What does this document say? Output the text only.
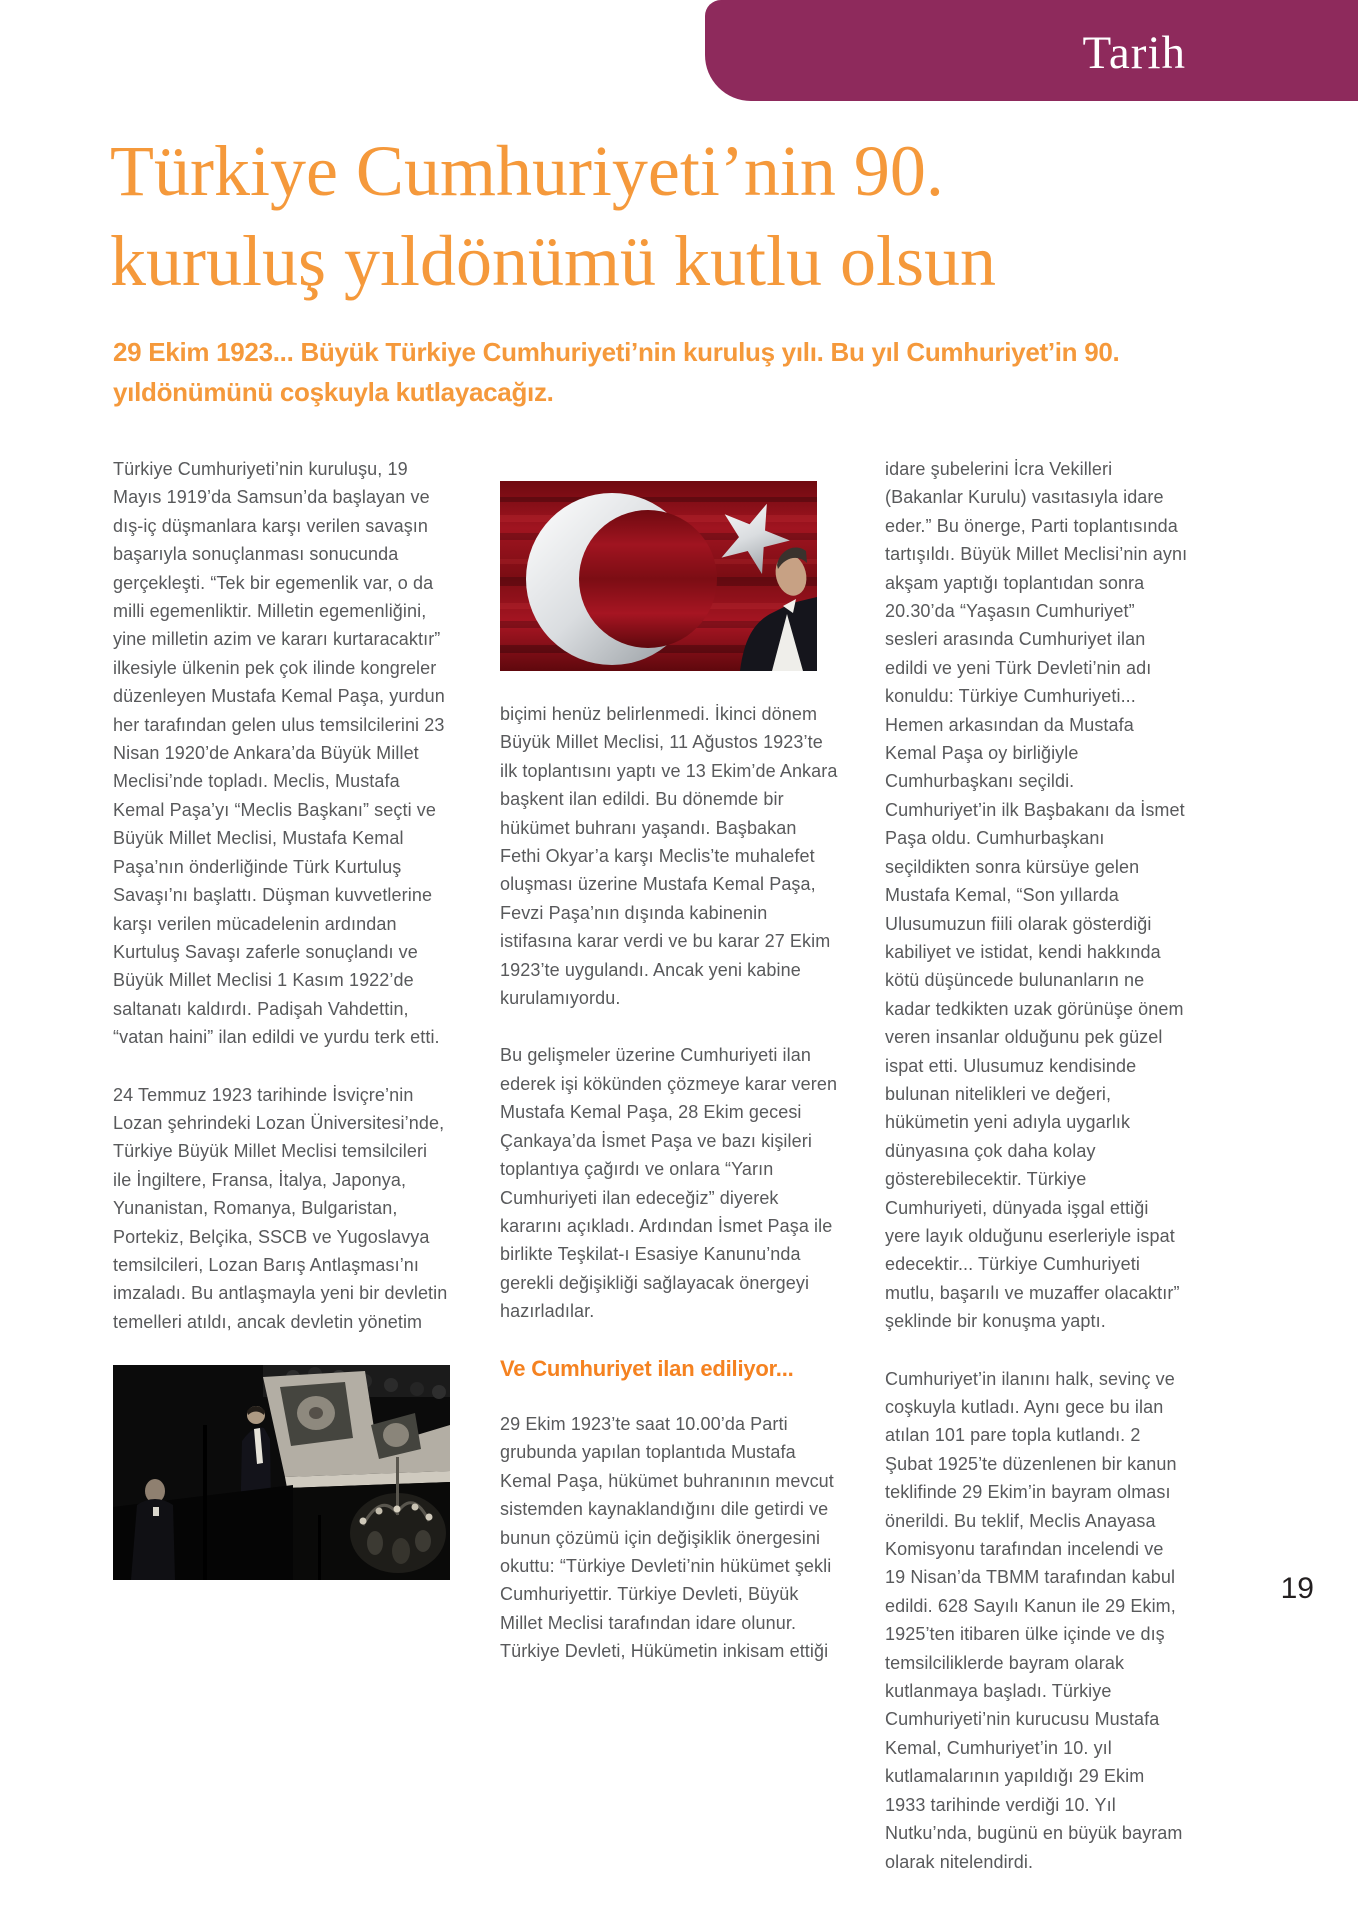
Tarih
Türkiye Cumhuriyeti’nin 90.
kuruluş yıldönümü kutlu olsun

29 Ekim 1923... Büyük Türkiye Cumhuriyeti’nin kuruluş yılı. Bu yıl Cumhuriyet’in 90. yıldönümünü coşkuyla kutlayacağız.

Türkiye Cumhuriyeti’nin kuruluşu, 19 Mayıs 1919’da Samsun’da başlayan ve dış-iç düşmanlara karşı verilen savaşın başarıyla sonuçlanması sonucunda gerçekleşti. “Tek bir egemenlik var, o da milli egemenliktir. Milletin egemenliğini, yine milletin azim ve kararı kurtaracaktır” ilkesiyle ülkenin pek çok ilinde kongreler düzenleyen Mustafa Kemal Paşa, yurdun her tarafından gelen ulus temsilcilerini 23 Nisan 1920’de Ankara’da Büyük Millet Meclisi’nde topladı. Meclis, Mustafa Kemal Paşa’yı “Meclis Başkanı” seçti ve Büyük Millet Meclisi, Mustafa Kemal Paşa’nın önderliğinde Türk Kurtuluş Savaşı’nı başlattı. Düşman kuvvetlerine karşı verilen mücadelenin ardından Kurtuluş Savaşı zaferle sonuçlandı ve Büyük Millet Meclisi 1 Kasım 1922’de saltanatı kaldırdı. Padişah Vahdettin, “vatan haini” ilan edildi ve yurdu terk etti.

24 Temmuz 1923 tarihinde İsviçre’nin Lozan şehrindeki Lozan Üniversitesi’nde, Türkiye Büyük Millet Meclisi temsilcileri ile İngiltere, Fransa, İtalya, Japonya, Yunanistan, Romanya, Bulgaristan, Portekiz, Belçika, SSCB ve Yugoslavya temsilcileri, Lozan Barış Antlaşması’nı imzaladı. Bu antlaşmayla yeni bir devletin temelleri atıldı, ancak devletin yönetim

biçimi henüz belirlenmedi. İkinci dönem Büyük Millet Meclisi, 11 Ağustos 1923’te ilk toplantısını yaptı ve 13 Ekim’de Ankara başkent ilan edildi. Bu dönemde bir hükümet buhranı yaşandı. Başbakan Fethi Okyar’a karşı Meclis’te muhalefet oluşması üzerine Mustafa Kemal Paşa, Fevzi Paşa’nın dışında kabinenin istifasına karar verdi ve bu karar 27 Ekim 1923’te uygulandı. Ancak yeni kabine kurulamıyordu.

Bu gelişmeler üzerine Cumhuriyeti ilan ederek işi kökünden çözmeye karar veren Mustafa Kemal Paşa, 28 Ekim gecesi Çankaya’da İsmet Paşa ve bazı kişileri toplantıya çağırdı ve onlara “Yarın Cumhuriyeti ilan edeceğiz” diyerek kararını açıkladı. Ardından İsmet Paşa ile birlikte Teşkilat-ı Esasiye Kanunu’nda gerekli değişikliği sağlayacak önergeyi hazırladılar.

Ve Cumhuriyet ilan ediliyor...

29 Ekim 1923’te saat 10.00’da Parti grubunda yapılan toplantıda Mustafa Kemal Paşa, hükümet buhranının mevcut sistemden kaynaklandığını dile getirdi ve bunun çözümü için değişiklik önergesini okuttu: “Türkiye Devleti’nin hükümet şekli Cumhuriyettir. Türkiye Devleti, Büyük Millet Meclisi tarafından idare olunur. Türkiye Devleti, Hükümetin inkisam ettiği

idare şubelerini İcra Vekilleri (Bakanlar Kurulu) vasıtasıyla idare eder.” Bu önerge, Parti toplantısında tartışıldı. Büyük Millet Meclisi’nin aynı akşam yaptığı toplantıdan sonra 20.30’da “Yaşasın Cumhuriyet” sesleri arasında Cumhuriyet ilan edildi ve yeni Türk Devleti’nin adı konuldu: Türkiye Cumhuriyeti... Hemen arkasından da Mustafa Kemal Paşa oy birliğiyle Cumhurbaşkanı seçildi. Cumhuriyet’in ilk Başbakanı da İsmet Paşa oldu. Cumhurbaşkanı seçildikten sonra kürsüye gelen Mustafa Kemal, “Son yıllarda Ulusumuzun fiili olarak gösterdiği kabiliyet ve istidat, kendi hakkında kötü düşüncede bulunanların ne kadar tedkikten uzak görünüşe önem veren insanlar olduğunu pek güzel ispat etti. Ulusumuz kendisinde bulunan nitelikleri ve değeri, hükümetin yeni adıyla uygarlık dünyasına çok daha kolay gösterebilecektir. Türkiye Cumhuriyeti, dünyada işgal ettiği yere layık olduğunu eserleriyle ispat edecektir... Türkiye Cumhuriyeti mutlu, başarılı ve muzaffer olacaktır” şeklinde bir konuşma yaptı.

Cumhuriyet’in ilanını halk, sevinç ve coşkuyla kutladı. Aynı gece bu ilan atılan 101 pare topla kutlandı. 2 Şubat 1925’te düzenlenen bir kanun teklifinde 29 Ekim’in bayram olması önerildi. Bu teklif, Meclis Anayasa Komisyonu tarafından incelendi ve 19 Nisan’da TBMM tarafından kabul edildi. 628 Sayılı Kanun ile 29 Ekim, 1925’ten itibaren ülke içinde ve dış temsilciliklerde bayram olarak kutlanmaya başladı. Türkiye Cumhuriyeti’nin kurucusu Mustafa Kemal, Cumhuriyet’in 10. yıl kutlamalarının yapıldığı 29 Ekim 1933 tarihinde verdiği 10. Yıl Nutku’nda, bugünü en büyük bayram olarak nitelendirdi.

19
